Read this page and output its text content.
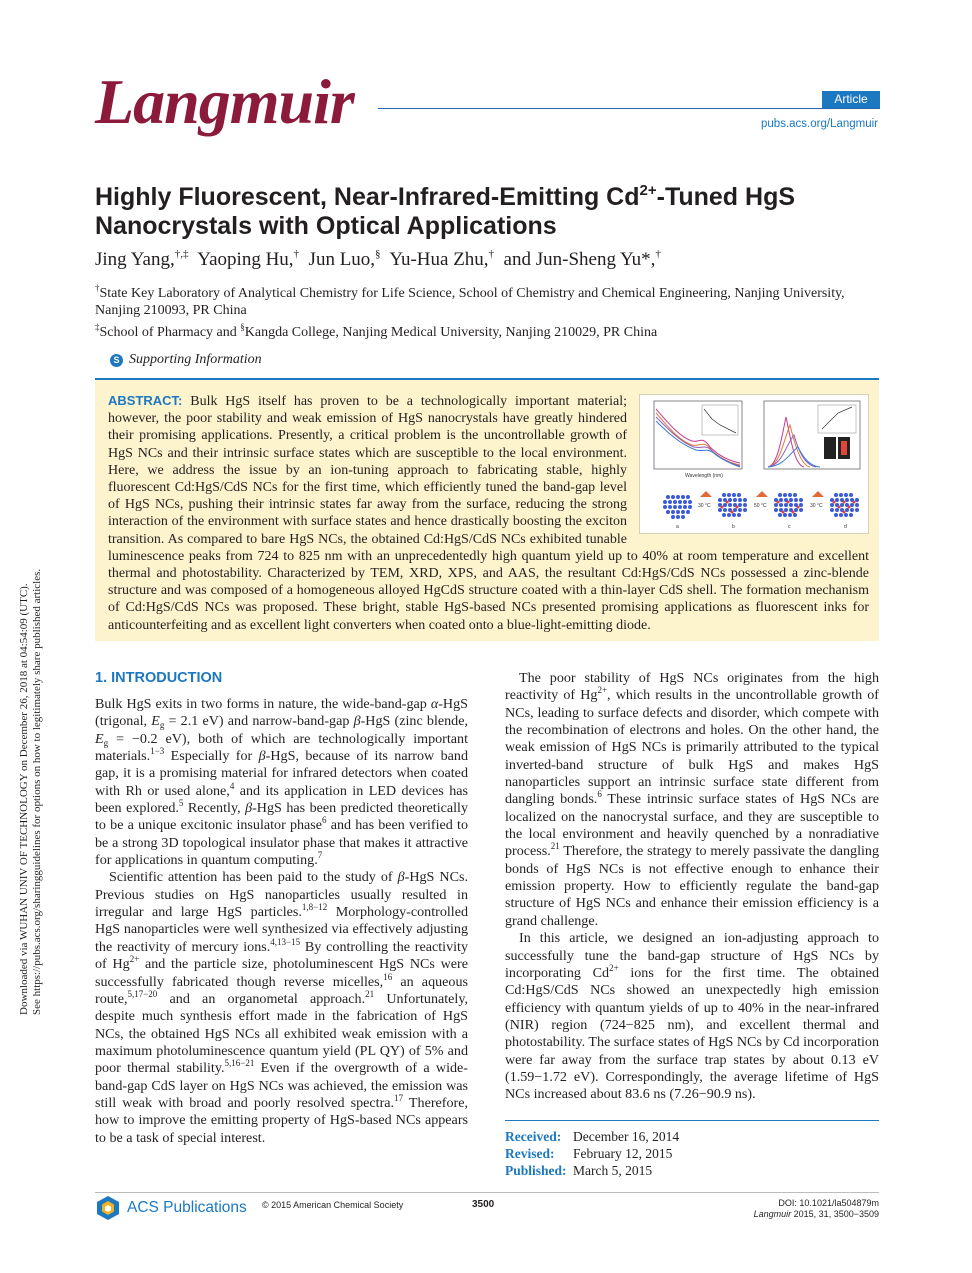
Downloaded via WUHAN UNIV OF TECHNOLOGY on December 26, 2018 at 04:54:09 (UTC). See https://pubs.acs.org/sharingguidelines for options on how to legitimately share published articles.
Langmuir	Article
pubs.acs.org/Langmuir
Highly Fluorescent, Near-Infrared-Emitting $Cd^{2+}$-Tuned HgS
Nanocrystals with Optical Applications
Jing Yang,†,‡ Yaoping Hu,† Jun Luo,§ Yu-Hua Zhu,† and Jun-Sheng Yu*,†
†State Key Laboratory of Analytical Chemistry for Life Science, School of Chemistry and Chemical Engineering, Nanjing University, Nanjing 210093, PR China
‡School of Pharmacy and §Kangda College, Nanjing Medical University, Nanjing 210029, PR China
S Supporting Information
Wavelength (nm)
30 °C	50 °C	30 °C
a	b	c	d
ABSTRACT: Bulk HgS itself has proven to be a technologically important material; however, the poor stability and weak emission of HgS nanocrystals have greatly hindered their promising applications. Presently, a critical problem is the uncontrollable growth of HgS NCs and their intrinsic surface states which are susceptible to the local environment. Here, we address the issue by an ion-tuning approach to fabricating stable, highly fluorescent Cd:HgS/CdS NCs for the first time, which efficiently tuned the band-gap level of HgS NCs, pushing their intrinsic states far away from the surface, reducing the strong interaction of the environment with surface states and hence drastically boosting the exciton transition. As compared to bare HgS NCs, the obtained Cd:HgS/CdS NCs exhibited tunable luminescence peaks from 724 to 825 nm with an unprecedentedly high quantum yield up to 40% at room temperature and excellent thermal and photostability. Characterized by TEM, XRD, XPS, and AAS, the resultant Cd:HgS/CdS NCs possessed a zinc-blende structure and was composed of a homogeneous alloyed HgCdS structure coated with a thin-layer CdS shell. The formation mechanism of Cd:HgS/CdS NCs was proposed. These bright, stable HgS-based NCs presented promising applications as fluorescent inks for anticounterfeiting and as excellent light converters when coated onto a blue-light-emitting diode.
1. INTRODUCTION

Bulk HgS exits in two forms in nature, the wide-band-gap α-HgS (trigonal, $E_g = 2.1$ eV) and narrow-band-gap β-HgS (zinc blende, $E_g = -0.2$ eV), both of which are technologically important materials.$^{1-3}$ Especially for β-HgS, because of its narrow band gap, it is a promising material for infrared detectors when coated with Rh or used alone,$^4$ and its application in LED devices has been explored.$^5$ Recently, β-HgS has been predicted theoretically to be a unique excitonic insulator phase$^6$ and has been verified to be a strong 3D topological insulator phase that makes it attractive for applications in quantum computing.$^7$

Scientific attention has been paid to the study of β-HgS NCs. Previous studies on HgS nanoparticles usually resulted in irregular and large HgS particles.$^{1,8-12}$ Morphology-controlled HgS nanoparticles were well synthesized via effectively adjusting the reactivity of mercury ions.$^{4,13-15}$ By controlling the reactivity of $Hg^{2+}$ and the particle size, photoluminescent HgS NCs were successfully fabricated though reverse micelles,$^{16}$ an aqueous route,$^{5,17-20}$ and an organometal approach.$^{21}$ Unfortunately, despite much synthesis effort made in the fabrication of HgS NCs, the obtained HgS NCs all exhibited weak emission with a maximum photoluminescence quantum yield (PL QY) of 5% and poor thermal stability.$^{5,16-21}$ Even if the overgrowth of a wide-band-gap CdS layer on HgS NCs was achieved, the emission was still weak with broad and poorly resolved spectra.$^{17}$ Therefore, how to improve the emitting property of HgS-based NCs appears to be a task of special interest.

The poor stability of HgS NCs originates from the high reactivity of $Hg^{2+}$, which results in the uncontrollable growth of NCs, leading to surface defects and disorder, which compete with the recombination of electrons and holes. On the other hand, the weak emission of HgS NCs is primarily attributed to the typical inverted-band structure of bulk HgS and makes HgS nanoparticles support an intrinsic surface state different from dangling bonds.$^6$ These intrinsic surface states of HgS NCs are localized on the nanocrystal surface, and they are susceptible to the local environment and heavily quenched by a nonradiative process.$^{21}$ Therefore, the strategy to merely passivate the dangling bonds of HgS NCs is not effective enough to enhance their emission property. How to efficiently regulate the band-gap structure of HgS NCs and enhance their emission efficiency is a grand challenge.

In this article, we designed an ion-adjusting approach to successfully tune the band-gap structure of HgS NCs by incorporating $Cd^{2+}$ ions for the first time. The obtained Cd:HgS/CdS NCs showed an unexpectedly high emission efficiency with quantum yields of up to 40% in the near-infrared (NIR) region (724−825 nm), and excellent thermal and photostability. The surface states of HgS NCs by Cd incorporation were far away from the surface trap states by about 0.13 eV (1.59−1.72 eV). Correspondingly, the average lifetime of HgS NCs increased about 83.6 ns (7.26−90.9 ns).

Received: December 16, 2014
Revised:	February 12, 2015
Published: March 5, 2015
ACS Publications © 2015 American Chemical Society	3500	DOI: 10.1021/la504879m
Langmuir 2015, 31, 3500−3509
